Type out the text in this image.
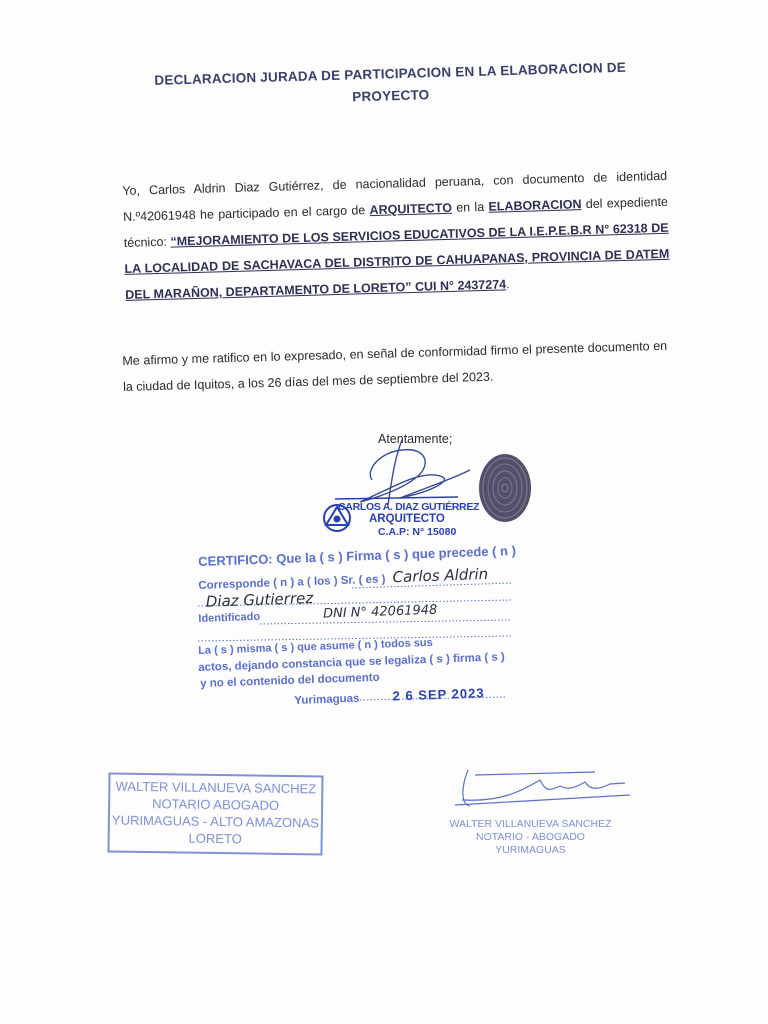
DECLARACION JURADA DE PARTICIPACION EN LA ELABORACION DE
PROYECTO
Yo, Carlos Aldrin Diaz Gutiérrez, de nacionalidad peruana, con documento de identidad N.º42061948 he participado en el cargo de ARQUITECTO en la ELABORACION del expediente técnico: “MEJORAMIENTO DE LOS SERVICIOS EDUCATIVOS DE LA I.E.P.E.B.R N° 62318 DE LA LOCALIDAD DE SACHAVACA DEL DISTRITO DE CAHUAPANAS, PROVINCIA DE DATEM DEL MARAÑON, DEPARTAMENTO DE LORETO” CUI N° 2437274.
Me afirmo y me ratifico en lo expresado, en señal de conformidad firmo el presente documento en la ciudad de Iquitos, a los 26 días del mes de septiembre del 2023.
Atentamente;
CARLOS A. DIAZ GUTIÉRREZ
ARQUITECTO
C.A.P: N° 15080
CERTIFICO: Que la ( s ) Firma ( s ) que precede ( n )
Corresponde ( n ) a ( los ) Sr. ( es ) Carlos Aldrin
Diaz Gutierrez
Identificado	DNI N° 42061948
La ( s ) misma ( s ) que asume ( n ) todos sus
actos, dejando constancia que se legaliza ( s ) firma ( s )
y no el contenido del documento
Yurimaguas	2 6 SEP 2023
WALTER VILLANUEVA SANCHEZ
NOTARIO ABOGADO
YURIMAGUAS - ALTO AMAZONAS
LORETO
WALTER VILLANUEVA SANCHEZ
NOTARIO - ABOGADO
YURIMAGUAS
